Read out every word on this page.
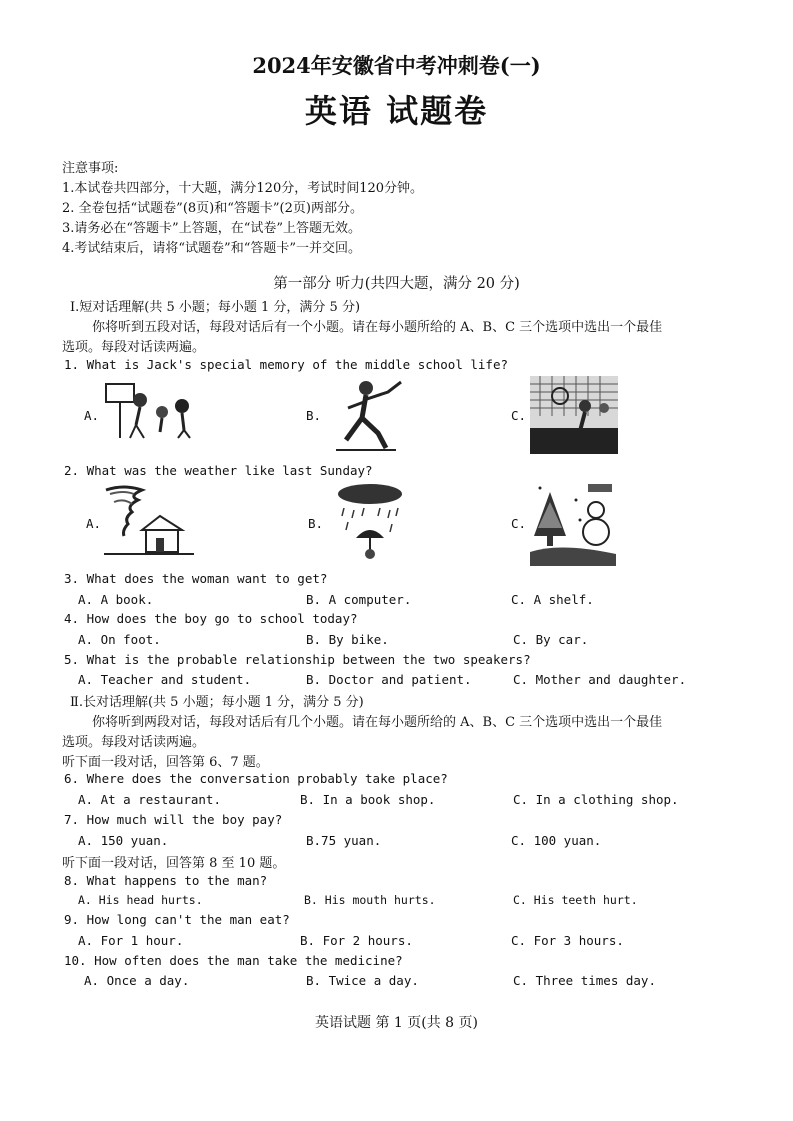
2024年安徽省中考冲刺卷(一)
英语 试题卷
注意事项:
1.本试卷共四部分，十大题，满分120分，考试时间120分钟。
2. 全卷包括“试题卷”(8页)和“答题卡”(2页)两部分。
3.请务必在“答题卡”上答题，在“试卷”上答题无效。
4.考试结束后，请将“试题卷”和“答题卡”一并交回。
第一部分 听力(共四大题，满分 20 分)
Ⅰ.短对话理解(共 5 小题；每小题 1 分，满分 5 分)
你将听到五段对话，每段对话后有一个小题。请在每小题所给的 A、B、C 三个选项中选出一个最佳
选项。每段对话读两遍。
1. What is Jack's special memory of the middle school life?
A.	B.	C.
2. What was the weather like last Sunday?
A.	B.	C.
3. What does the woman want to get?
A. A book.	B. A computer.	C. A shelf.
4. How does the boy go to school today?
A. On foot.	B. By bike.	C. By car.
5. What is the probable relationship between the two speakers?
A. Teacher and student.	B. Doctor and patient.	C. Mother and daughter.
Ⅱ.长对话理解(共 5 小题；每小题 1 分，满分 5 分)
你将听到两段对话，每段对话后有几个小题。请在每小题所给的 A、B、C 三个选项中选出一个最佳
选项。每段对话读两遍。
听下面一段对话，回答第 6、7 题。
6. Where does the conversation probably take place?
A. At a restaurant.	B. In a book shop.	C. In a clothing shop.
7. How much will the boy pay?
A. 150 yuan.	B.75 yuan.	C. 100 yuan.
听下面一段对话，回答第 8 至 10 题。
8. What happens to the man?
A. His head hurts.	B. His mouth hurts.	C. His teeth hurt.
9. How long can't the man eat?
A. For 1 hour.	B. For 2 hours.	C. For 3 hours.
10. How often does the man take the medicine?
A. Once a day.	B. Twice a day.	C. Three times day.
英语试题 第 1 页(共 8 页)
